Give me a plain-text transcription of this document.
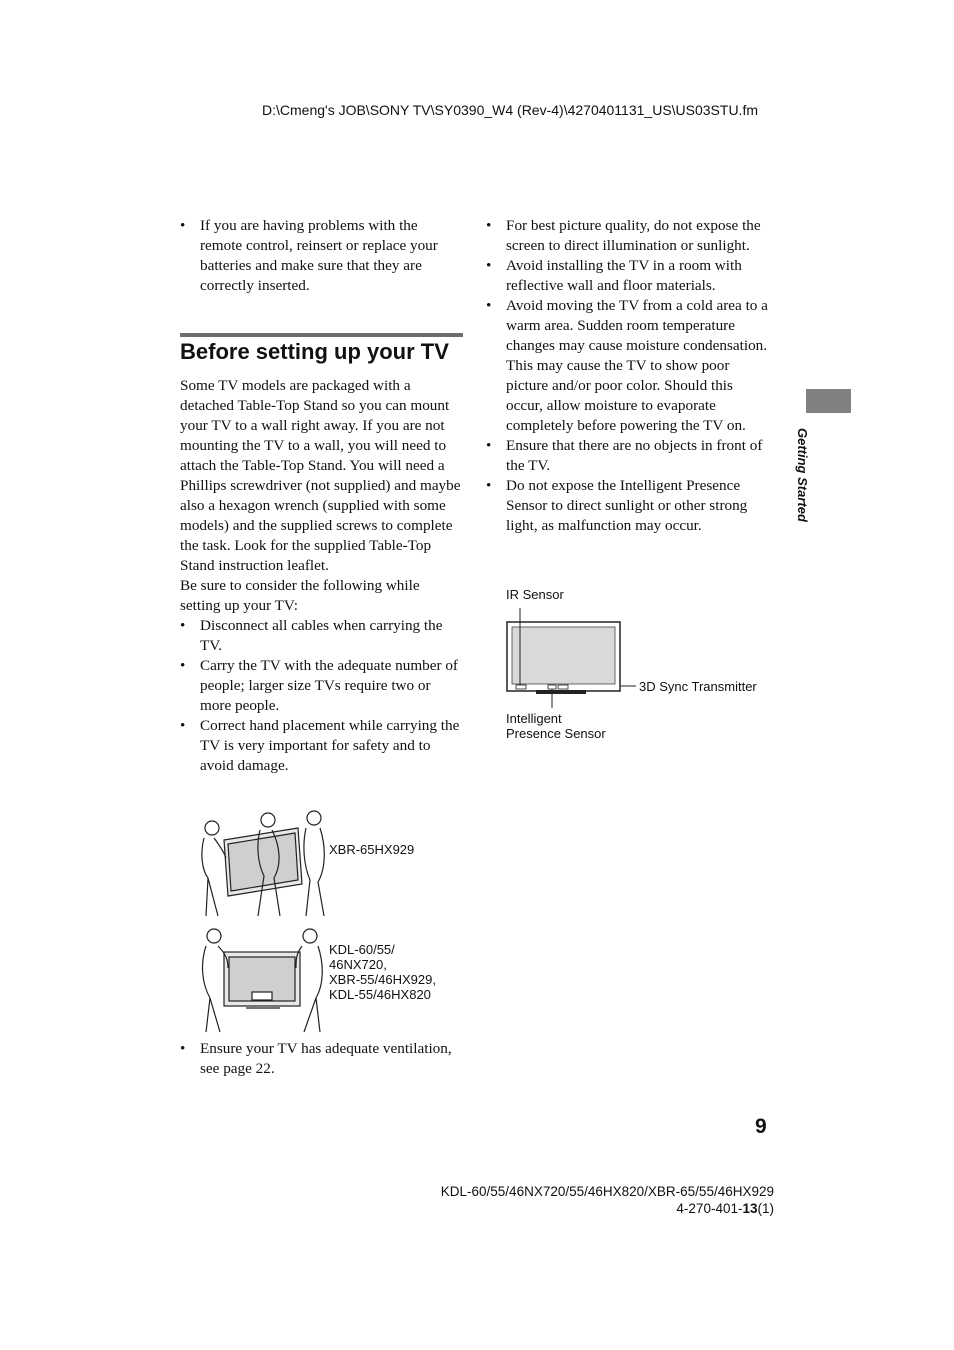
D:\Cmeng's JOB\SONY TV\SY0390_W4 (Rev-4)\4270401131_US\US03STU.fm
• If you are having problems with the remote control, reinsert or replace your batteries and make sure that they are correctly inserted.
Before setting up your TV

Some TV models are packaged with a detached Table-Top Stand so you can mount your TV to a wall right away. If you are not mounting the TV to a wall, you will need to attach the Table-Top Stand. You will need a Phillips screwdriver (not supplied) and maybe also a hexagon wrench (supplied with some models) and the supplied screws to complete the task. Look for the supplied Table-Top Stand instruction leaflet.

Be sure to consider the following while setting up your TV:

• Disconnect all cables when carrying the TV.
• Carry the TV with the adequate number of people; larger size TVs require two or more people.
• Correct hand placement while carrying the TV is very important for safety and to avoid damage.
XBR-65HX929
KDL-60/55/
46NX720,
XBR-55/46HX929,
KDL-55/46HX820
• Ensure your TV has adequate ventilation, see page 22.
• For best picture quality, do not expose the screen to direct illumination or sunlight.
• Avoid installing the TV in a room with reflective wall and floor materials.
• Avoid moving the TV from a cold area to a warm area. Sudden room temperature changes may cause moisture condensation. This may cause the TV to show poor picture and/or poor color. Should this occur, allow moisture to evaporate completely before powering the TV on.
• Ensure that there are no objects in front of the TV.
• Do not expose the Intelligent Presence Sensor to direct sunlight or other strong light, as malfunction may occur.
IR Sensor
3D Sync Transmitter
Intelligent
Presence Sensor
Getting Started
9
KDL-60/55/46NX720/55/46HX820/XBR-65/55/46HX929
4-270-401-13(1)
